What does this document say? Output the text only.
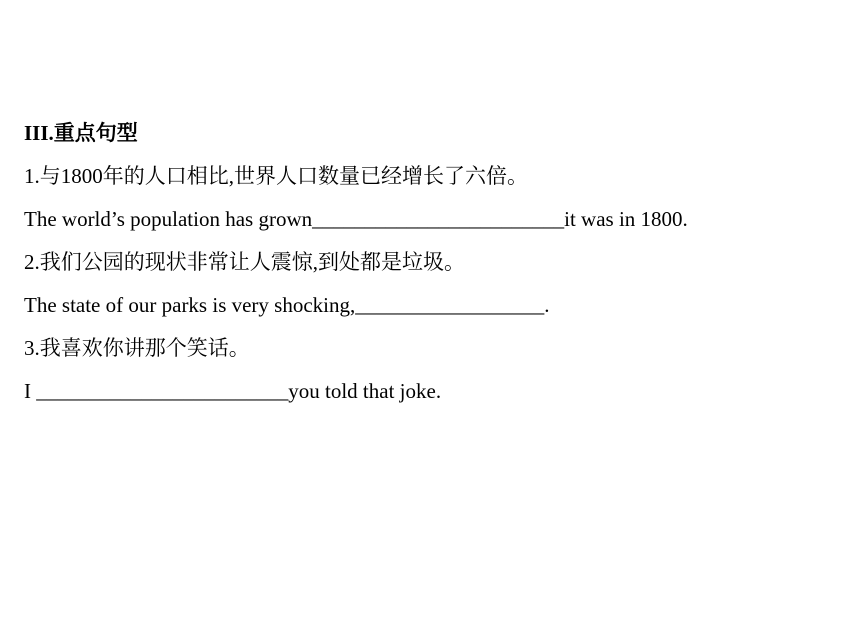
III.重点句型
1.与1800年的人口相比,世界人口数量已经增长了六倍。
The world’s population has grown________________________it was in 1800.
2.我们公园的现状非常让人震惊,到处都是垃圾。
The state of our parks is very shocking,__________________.
3.我喜欢你讲那个笑话。
I ________________________you told that joke.
